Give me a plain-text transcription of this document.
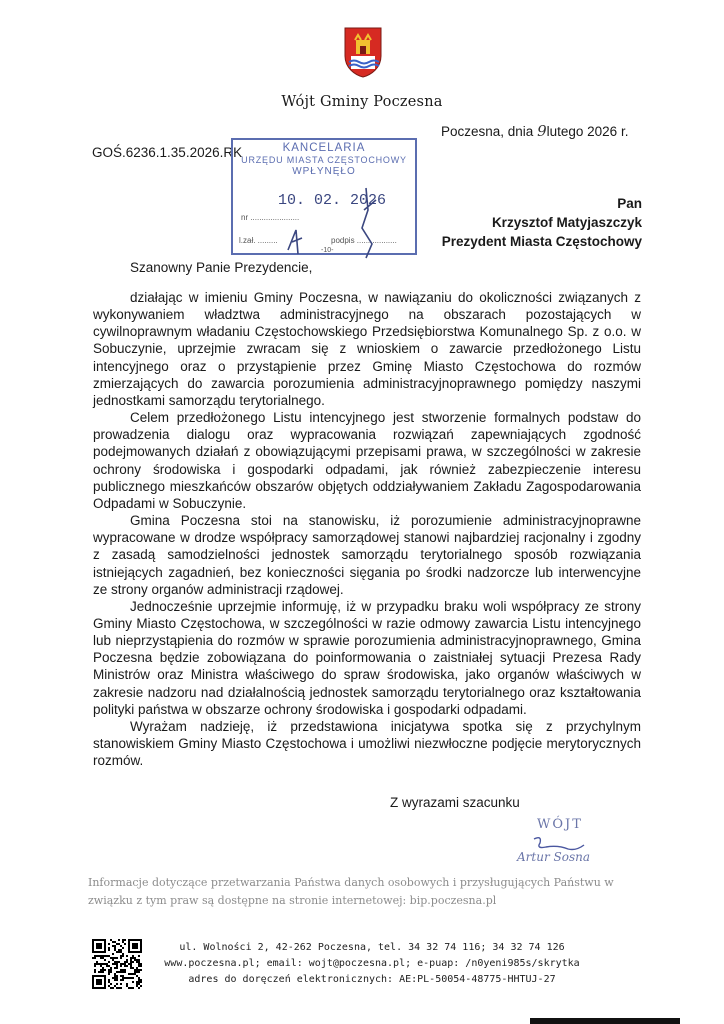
Wójt Gminy Poczesna
Poczesna, dnia 9lutego 2026 r.
GOŚ.6236.1.35.2026.RK	KANCELARIA
URZĘDU MIASTA CZĘSTOCHOWY
WPŁYNĘŁO
10. 02. 2026
nr ......................
l.zał. .........	podpis ..................
-10-
Pan
Krzysztof Matyjaszczyk
Prezydent Miasta Częstochowy
Szanowny Panie Prezydencie,

działając w imieniu Gminy Poczesna, w nawiązaniu do okoliczności związanych z wykonywaniem władztwa administracyjnego na obszarach pozostających w cywilnoprawnym władaniu Częstochowskiego Przedsiębiorstwa Komunalnego Sp. z o.o. w Sobuczynie, uprzejmie zwracam się z wnioskiem o zawarcie przedłożonego Listu intencyjnego oraz o przystąpienie przez Gminę Miasto Częstochowa do rozmów zmierzających do zawarcia porozumienia administracyjnoprawnego pomiędzy naszymi jednostkami samorządu terytorialnego.

Celem przedłożonego Listu intencyjnego jest stworzenie formalnych podstaw do prowadzenia dialogu oraz wypracowania rozwiązań zapewniających zgodność podejmowanych działań z obowiązującymi przepisami prawa, w szczególności w zakresie ochrony środowiska i gospodarki odpadami, jak również zabezpieczenie interesu publicznego mieszkańców obszarów objętych oddziaływaniem Zakładu Zagospodarowania Odpadami w Sobuczynie.

Gmina Poczesna stoi na stanowisku, iż porozumienie administracyjnoprawne wypracowane w drodze współpracy samorządowej stanowi najbardziej racjonalny i zgodny z zasadą samodzielności jednostek samorządu terytorialnego sposób rozwiązania istniejących zagadnień, bez konieczności sięgania po środki nadzorcze lub interwencyjne ze strony organów administracji rządowej.

Jednocześnie uprzejmie informuję, iż w przypadku braku woli współpracy ze strony Gminy Miasto Częstochowa, w szczególności w razie odmowy zawarcia Listu intencyjnego lub nieprzystąpienia do rozmów w sprawie porozumienia administracyjnoprawnego, Gmina Poczesna będzie zobowiązana do poinformowania o zaistniałej sytuacji Prezesa Rady Ministrów oraz Ministra właściwego do spraw środowiska, jako organów właściwych w zakresie nadzoru nad działalnością jednostek samorządu terytorialnego oraz kształtowania polityki państwa w obszarze ochrony środowiska i gospodarki odpadami.

Wyrażam nadzieję, iż przedstawiona inicjatywa spotka się z przychylnym stanowiskiem Gminy Miasto Częstochowa i umożliwi niezwłoczne podjęcie merytorycznych rozmów.

Z wyrazami szacunku
WÓJT
Artur Sosna
Informacje dotyczące przetwarzania Państwa danych osobowych i przysługujących Państwu w związku z tym praw są dostępne na stronie internetowej: bip.poczesna.pl
ul. Wolności 2, 42-262 Poczesna, tel. 34 32 74 116; 34 32 74 126
www.poczesna.pl; email: wojt@poczesna.pl; e-puap: /n0yeni985s/skrytka
adres do doręczeń elektronicznych: AE:PL-50054-48775-HHTUJ-27
